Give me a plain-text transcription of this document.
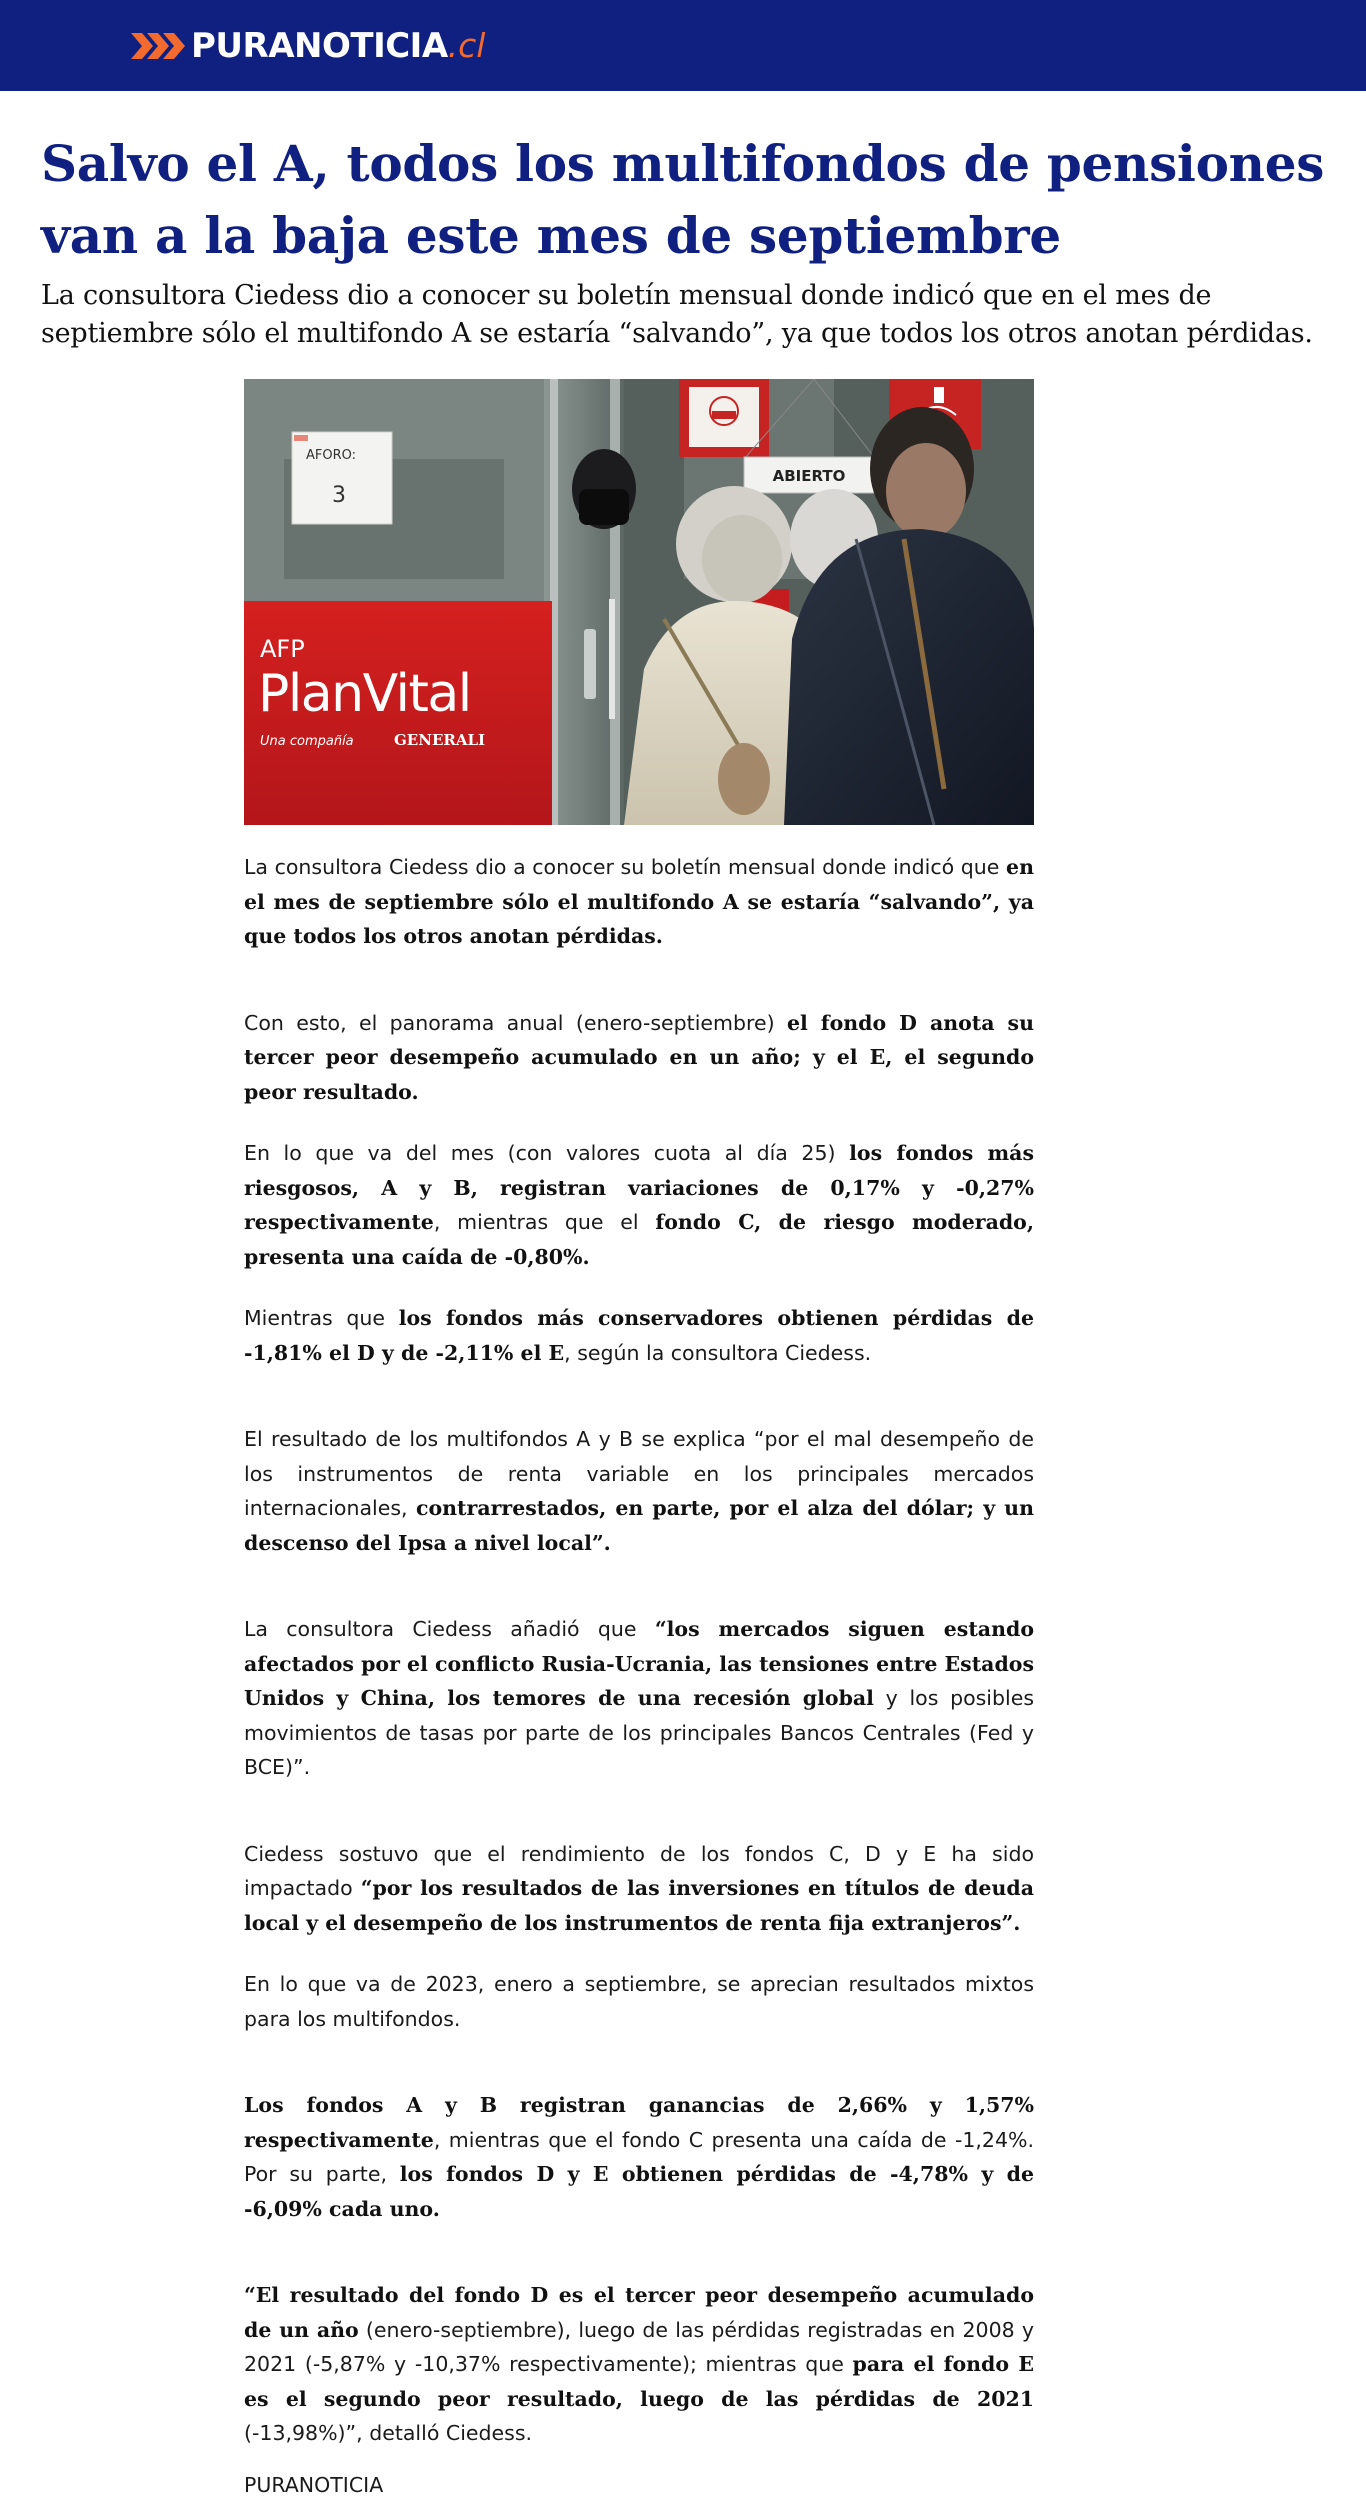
PURANOTICIA .cl
Salvo el A, todos los multifondos de pensiones van a la baja este mes de septiembre

La consultora Ciedess dio a conocer su boletín mensual donde indicó que en el mes de septiembre sólo el multifondo A se estaría “salvando”, ya que todos los otros anotan pérdidas.

AFORO:
3
ABIERTO
AFP
PlanVital
Una compañía	GENERALI

La consultora Ciedess dio a conocer su boletín mensual donde indicó que en el mes de septiembre sólo el multifondo A se estaría “salvando”, ya que todos los otros anotan pérdidas.

Con esto, el panorama anual (enero-septiembre) el fondo D anota su tercer peor desempeño acumulado en un año; y el E, el segundo peor resultado.

En lo que va del mes (con valores cuota al día 25) los fondos más riesgosos, A y B, registran variaciones de 0,17% y -0,27% respectivamente, mientras que el fondo C, de riesgo moderado, presenta una caída de -0,80%.

Mientras que los fondos más conservadores obtienen pérdidas de -1,81% el D y de -2,11% el E, según la consultora Ciedess.

El resultado de los multifondos A y B se explica “por el mal desempeño de los instrumentos de renta variable en los principales mercados internacionales, contrarrestados, en parte, por el alza del dólar; y un descenso del Ipsa a nivel local”.

La consultora Ciedess añadió que “los mercados siguen estando afectados por el conflicto Rusia-Ucrania, las tensiones entre Estados Unidos y China, los temores de una recesión global y los posibles movimientos de tasas por parte de los principales Bancos Centrales (Fed y BCE)”.

Ciedess sostuvo que el rendimiento de los fondos C, D y E ha sido impactado “por los resultados de las inversiones en títulos de deuda local y el desempeño de los instrumentos de renta fija extranjeros”.

En lo que va de 2023, enero a septiembre, se aprecian resultados mixtos para los multifondos.

Los fondos A y B registran ganancias de 2,66% y 1,57% respectivamente, mientras que el fondo C presenta una caída de -1,24%. Por su parte, los fondos D y E obtienen pérdidas de -4,78% y de -6,09% cada uno.

“El resultado del fondo D es el tercer peor desempeño acumulado de un año (enero-septiembre), luego de las pérdidas registradas en 2008 y 2021 (-5,87% y -10,37% respectivamente); mientras que para el fondo E es el segundo peor resultado, luego de las pérdidas de 2021 (-13,98%)”, detalló Ciedess.

PURANOTICIA
